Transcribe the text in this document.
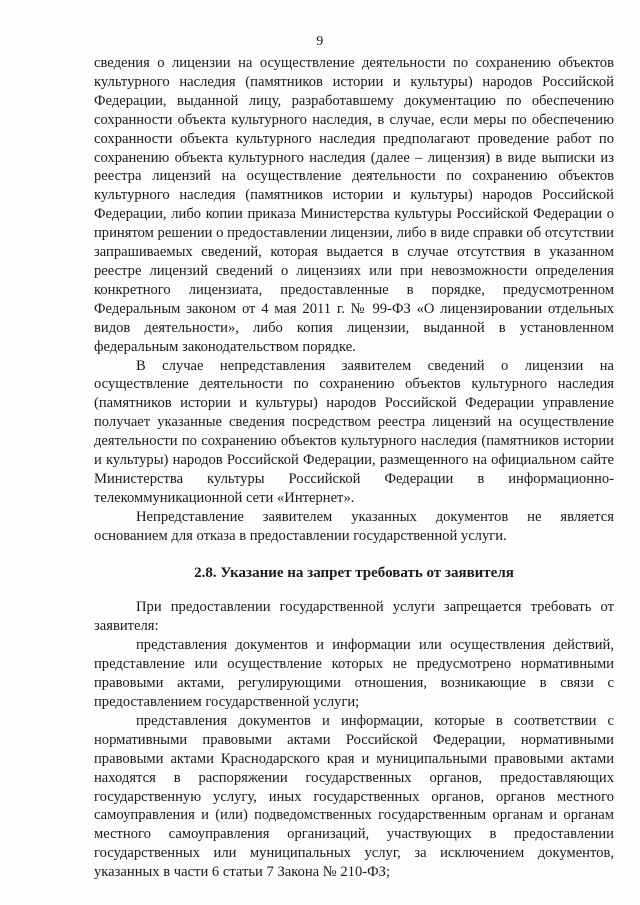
9

сведения о лицензии на осуществление деятельности по сохранению объектов культурного наследия (памятников истории и культуры) народов Российской Федерации, выданной лицу, разработавшему документацию по обеспечению сохранности объекта культурного наследия, в случае, если меры по обеспечению сохранности объекта культурного наследия предполагают проведение работ по сохранению объекта культурного наследия (далее – лицензия) в виде выписки из реестра лицензий на осуществление деятельности по сохранению объектов культурного наследия (памятников истории и культуры) народов Российской Федерации, либо копии приказа Министерства культуры Российской Федерации о принятом решении о предоставлении лицензии, либо в виде справки об отсутствии запрашиваемых сведений, которая выдается в случае отсутствия в указанном реестре лицензий сведений о лицензиях или при невозможности определения конкретного лицензиата, предоставленные в порядке, предусмотренном Федеральным законом от 4 мая 2011 г. № 99-ФЗ «О лицензировании отдельных видов деятельности», либо копия лицензии, выданной в установленном федеральным законодательством порядке.

В случае непредставления заявителем сведений о лицензии на осуществление деятельности по сохранению объектов культурного наследия (памятников истории и культуры) народов Российской Федерации управление получает указанные сведения посредством реестра лицензий на осуществление деятельности по сохранению объектов культурного наследия (памятников истории и культуры) народов Российской Федерации, размещенного на официальном сайте Министерства культуры Российской Федерации в информационно-телекоммуникационной сети «Интернет».

Непредставление заявителем указанных документов не является основанием для отказа в предоставлении государственной услуги.

2.8. Указание на запрет требовать от заявителя

При предоставлении государственной услуги запрещается требовать от заявителя:

представления документов и информации или осуществления действий, представление или осуществление которых не предусмотрено нормативными правовыми актами, регулирующими отношения, возникающие в связи с предоставлением государственной услуги;

представления документов и информации, которые в соответствии с нормативными правовыми актами Российской Федерации, нормативными правовыми актами Краснодарского края и муниципальными правовыми актами находятся в распоряжении государственных органов, предоставляющих государственную услугу, иных государственных органов, органов местного самоуправления и (или) подведомственных государственным органам и органам местного самоуправления организаций, участвующих в предоставлении государственных или муниципальных услуг, за исключением документов, указанных в части 6 статьи 7 Закона № 210-ФЗ;
